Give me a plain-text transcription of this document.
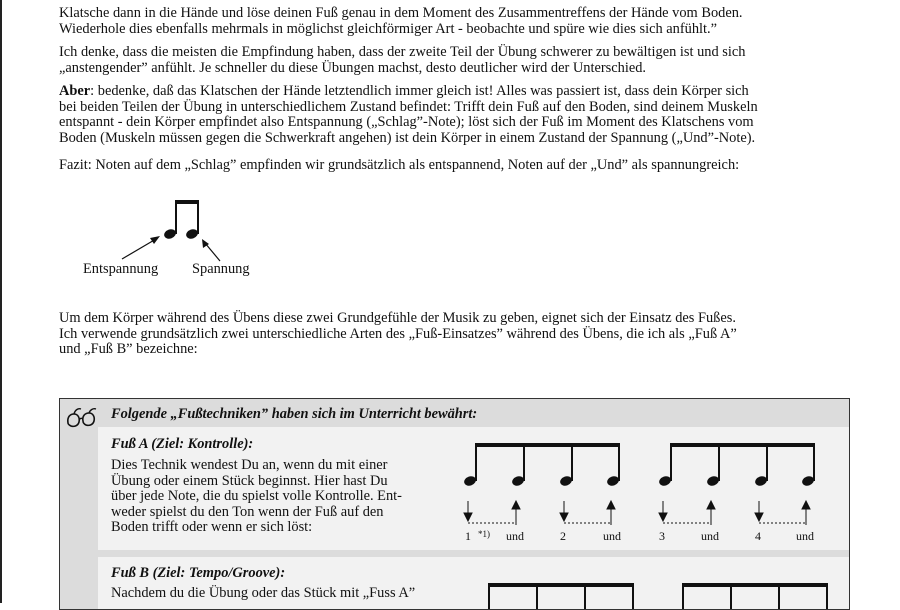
Klatsche dann in die Hände und löse deinen Fuß genau in dem Moment des Zusammentreffens der Hände vom Boden.
Wiederhole dies ebenfalls mehrmals in möglichst gleichförmiger Art - beobachte und spüre wie dies sich anfühlt.”
Ich denke, dass die meisten die Empfindung haben, dass der zweite Teil der Übung schwerer zu bewältigen ist und sich
„anstengender” anfühlt. Je schneller du diese Übungen machst, desto deutlicher wird der Unterschied.
Aber: bedenke, daß das Klatschen der Hände letztendlich immer gleich ist! Alles was passiert ist, dass dein Körper sich
bei beiden Teilen der Übung in unterschiedlichem Zustand befindet: Trifft dein Fuß auf den Boden, sind deinem Muskeln
entspannt - dein Körper empfindet also Entspannung („Schlag”-Note); löst sich der Fuß im Moment des Klatschens vom
Boden (Muskeln müssen gegen die Schwerkraft angehen) ist dein Körper in einem Zustand der Spannung („Und”-Note).
Fazit: Noten auf dem „Schlag” empfinden wir grundsätzlich als entspannend, Noten auf der „Und” als spannungreich:
Entspannung Spannung
Um dem Körper während des Übens diese zwei Grundgefühle der Musik zu geben, eignet sich der Einsatz des Fußes.
Ich verwende grundsätzlich zwei unterschiedliche Arten des „Fuß-Einsatzes” während des Übens, die ich als „Fuß A”
und „Fuß B” bezeichne:
Folgende „Fußtechniken” haben sich im Unterricht bewährt:
Fuß A (Ziel: Kontrolle):
Dies Technik wendest Du an, wenn du mit einer
Übung oder einem Stück beginnst. Hier hast Du
über jede Note, die du spielst volle Kontrolle. Ent-
weder spielst du den Ton wenn der Fuß auf den
Boden trifft oder wenn er sich löst:
1 *1) und	2	und	3	und	4	und
Fuß B (Ziel: Tempo/Groove):
Nachdem du die Übung oder das Stück mit „Fuss A”
